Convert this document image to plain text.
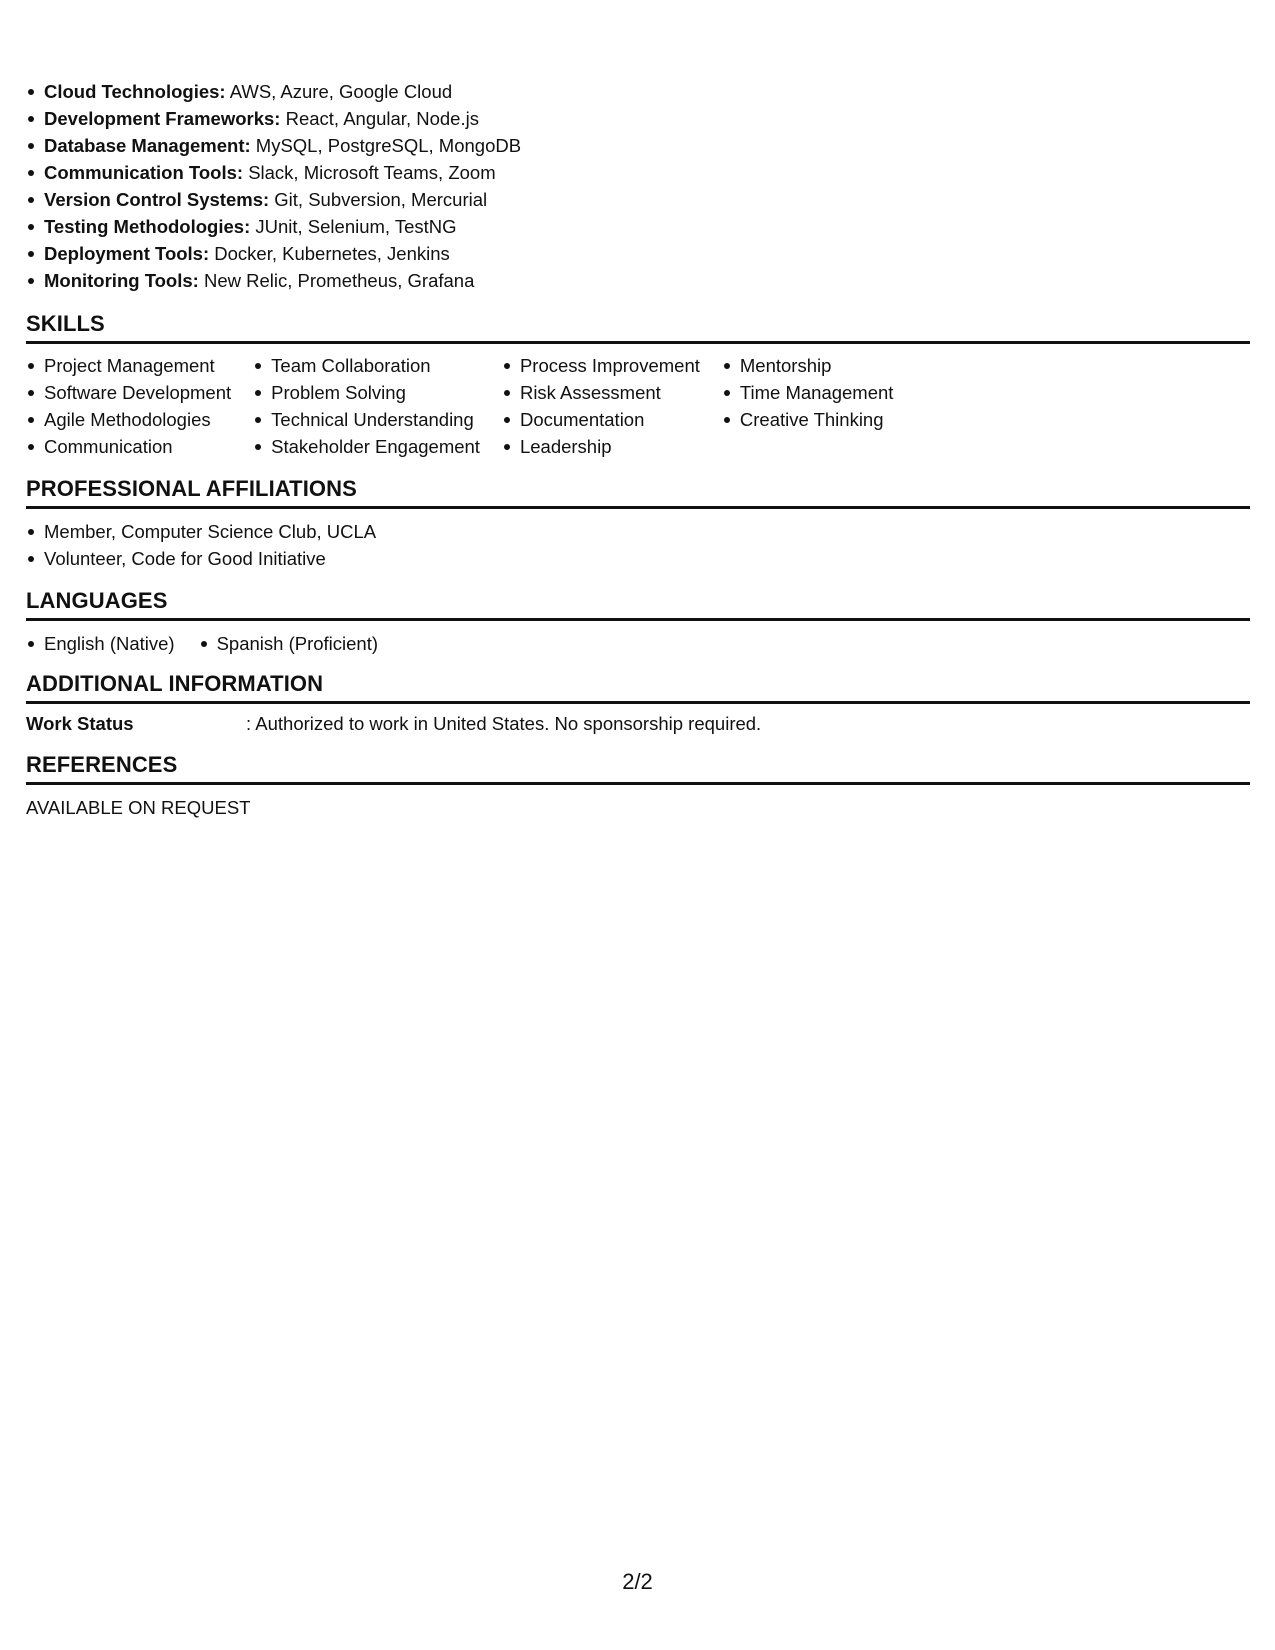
Cloud Technologies: AWS, Azure, Google Cloud
Development Frameworks: React, Angular, Node.js
Database Management: MySQL, PostgreSQL, MongoDB
Communication Tools: Slack, Microsoft Teams, Zoom
Version Control Systems: Git, Subversion, Mercurial
Testing Methodologies: JUnit, Selenium, TestNG
Deployment Tools: Docker, Kubernetes, Jenkins
Monitoring Tools: New Relic, Prometheus, Grafana
SKILLS
Project Management
Software Development
Agile Methodologies
Communication
Team Collaboration
Problem Solving
Technical Understanding
Stakeholder Engagement
Process Improvement
Risk Assessment
Documentation
Leadership
Mentorship
Time Management
Creative Thinking
PROFESSIONAL AFFILIATIONS
Member, Computer Science Club, UCLA
Volunteer, Code for Good Initiative
LANGUAGES
English (Native)	Spanish (Proficient)
ADDITIONAL INFORMATION
Work Status	: Authorized to work in United States. No sponsorship required.
REFERENCES
AVAILABLE ON REQUEST
2/2
